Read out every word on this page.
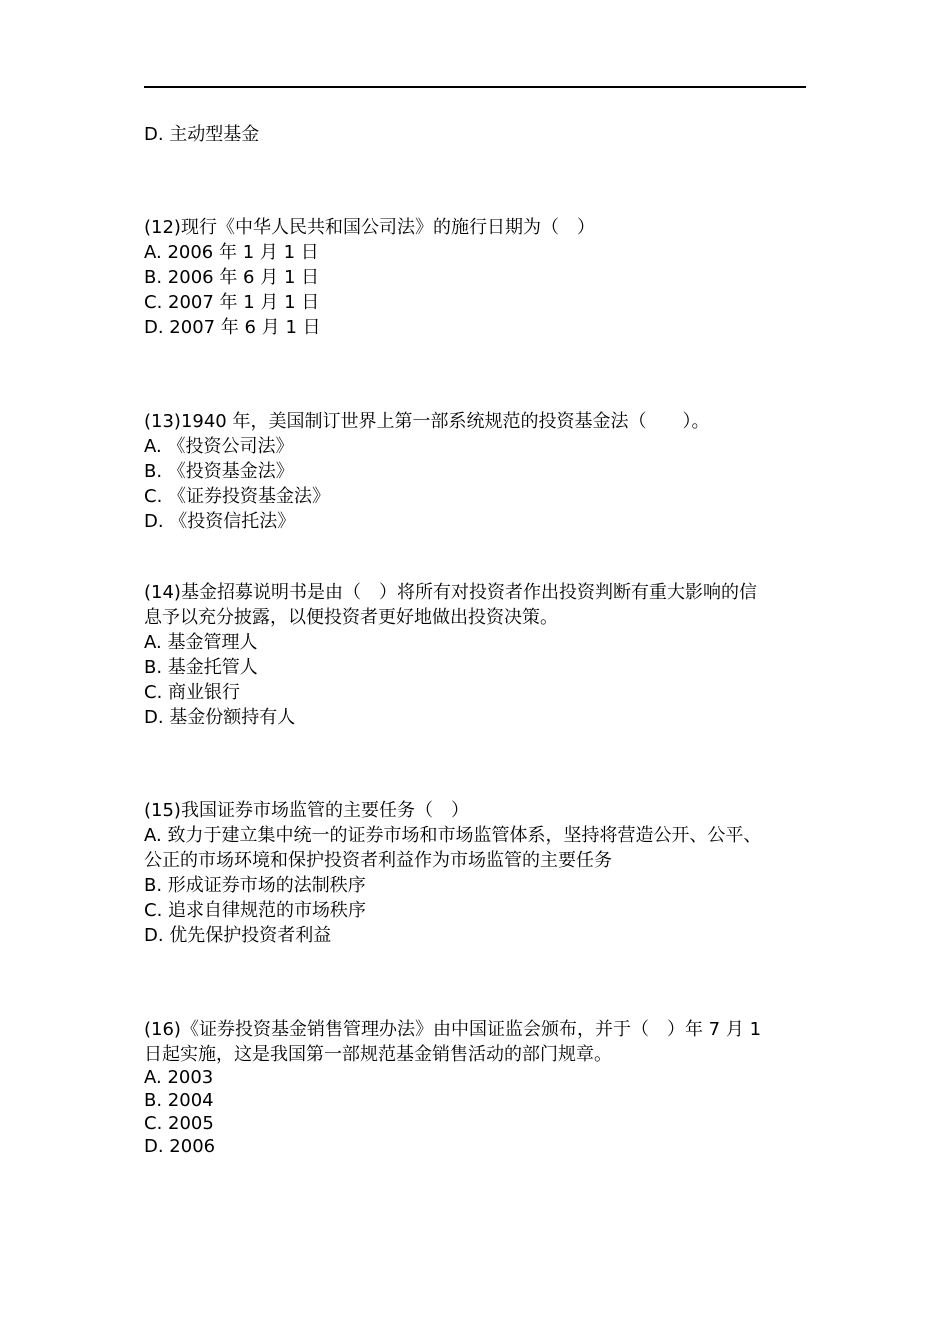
D. 主动型基金
(12)现行《中华人民共和国公司法》的施行日期为（　）
A. 2006 年 1 月 1 日
B. 2006 年 6 月 1 日
C. 2007 年 1 月 1 日
D. 2007 年 6 月 1 日
(13)1940 年，美国制订世界上第一部系统规范的投资基金法（　　）。
A. 《投资公司法》
B. 《投资基金法》
C. 《证券投资基金法》
D. 《投资信托法》
(14)基金招募说明书是由（　）将所有对投资者作出投资判断有重大影响的信
息予以充分披露，以便投资者更好地做出投资决策。
A. 基金管理人
B. 基金托管人
C. 商业银行
D. 基金份额持有人
(15)我国证券市场监管的主要任务（　）
A. 致力于建立集中统一的证券市场和市场监管体系，坚持将营造公开、公平、
公正的市场环境和保护投资者利益作为市场监管的主要任务
B. 形成证券市场的法制秩序
C. 追求自律规范的市场秩序
D. 优先保护投资者利益
(16)《证券投资基金销售管理办法》由中国证监会颁布，并于（　）年 7 月 1
日起实施，这是我国第一部规范基金销售活动的部门规章。
A. 2003
B. 2004
C. 2005
D. 2006
